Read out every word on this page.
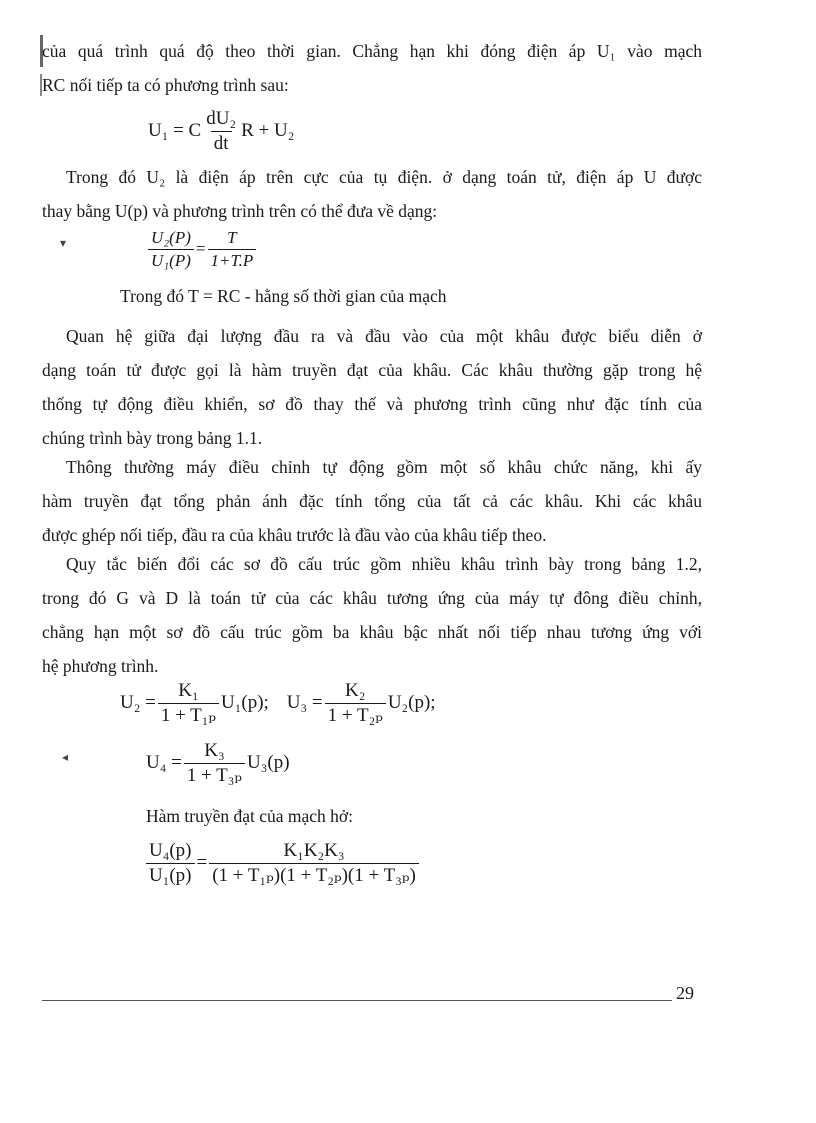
của quá trình quá độ theo thời gian. Chẳng hạn khi đóng điện áp U₁ vào mạch
RC nối tiếp ta có phương trình sau:

U₁ = C $\frac{\text{dU₂}}{dt}$ R + U₂

Trong đó U₂ là điện áp trên cực của tụ điện. ở dạng toán tử, điện áp U được
thay bằng U(p) và phương trình trên có thể đưa về dạng:

▾	$\frac{\text{U₂(P)}}{\text{U₁(P)}} = \frac{T}{1+T.P}$
Trong đó T = RC - hằng số thời gian của mạch

Quan hệ giữa đại lượng đầu ra và đầu vào của một khâu được biểu diễn ở
dạng toán tử được gọi là hàm truyền đạt của khâu. Các khâu thường gặp trong hệ
thống tự động điều khiển, sơ đồ thay thế và phương trình cũng như đặc tính của
chúng trình bày trong bảng 1.1.

Thông thường máy điều chỉnh tự động gồm một số khâu chức năng, khi ấy
hàm truyền đạt tổng phản ánh đặc tính tổng của tất cả các khâu. Khi các khâu
được ghép nối tiếp, đầu ra của khâu trước là đầu vào của khâu tiếp theo.

Quy tắc biến đổi các sơ đồ cấu trúc gồm nhiều khâu trình bày trong bảng 1.2,
trong đó G và D là toán tử của các khâu tương ứng của máy tự đông điều chỉnh,
chẳng hạn một sơ đồ cấu trúc gồm ba khâu bậc nhất nối tiếp nhau tương ứng với
hệ phương trình.

$U_2 = \frac{\text{K₁}}{\text{1 + T₁ₚ}} U_1(p)$; $U_3 = \frac{\text{K₂}}{\text{1 + T₂ₚ}} U_2(p)$;
◂	$U_4 = \frac{\text{K₃}}{\text{1 + T₃ₚ}} U_3(p)$
Hàm truyền đạt của mạch hở:
$\frac{\text{U₄(p)}}{\text{U₁(p)}} = \frac{\text{K₁K₂K₃}}{\text{(1 + T₁ₚ)(1 + T₂ₚ)(1 + T₃ₚ)}}$
29
